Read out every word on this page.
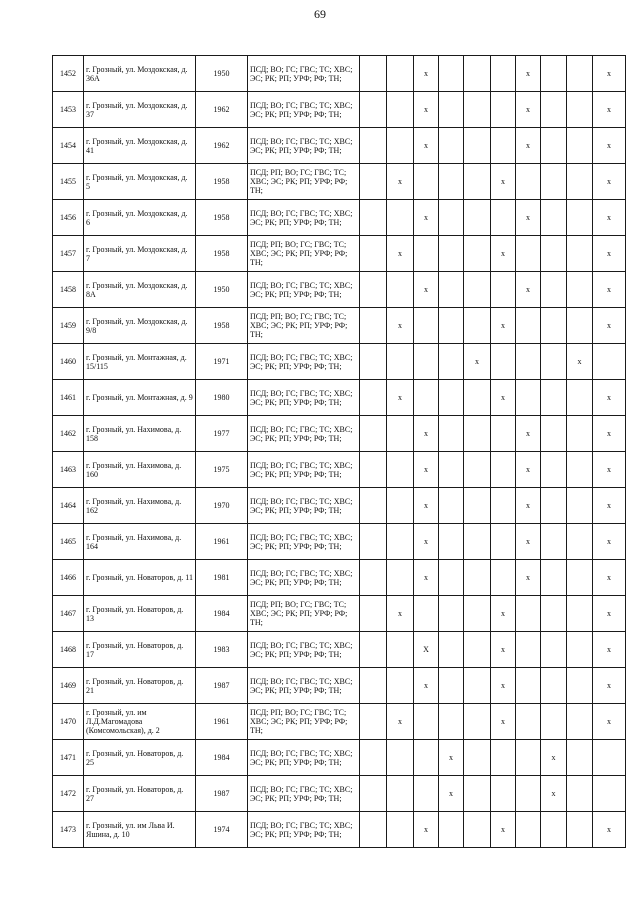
69
1452	г. Грозный, ул. Моздокская, д. 36А	1950	ПСД; ВО; ГС; ГВС; ТС; ХВС; ЭС; РК; РП; УРФ; РФ; ТН;			x				x			x
1453	г. Грозный, ул. Моздокская, д. 37	1962	ПСД; ВО; ГС; ГВС; ТС; ХВС; ЭС; РК; РП; УРФ; РФ; ТН;			x				x			x
1454	г. Грозный, ул. Моздокская, д. 41	1962	ПСД; ВО; ГС; ГВС; ТС; ХВС; ЭС; РК; РП; УРФ; РФ; ТН;			x				x			x
1455	г. Грозный, ул. Моздокская, д. 5	1958	ПСД; РП; ВО; ГС; ГВС; ТС; ХВС; ЭС; РК; РП; УРФ; РФ; ТН;		x				x				x
1456	г. Грозный, ул. Моздокская, д. 6	1958	ПСД; ВО; ГС; ГВС; ТС; ХВС; ЭС; РК; РП; УРФ; РФ; ТН;			x				x			x
1457	г. Грозный, ул. Моздокская, д. 7	1958	ПСД; РП; ВО; ГС; ГВС; ТС; ХВС; ЭС; РК; РП; УРФ; РФ; ТН;		x				x				x
1458	г. Грозный, ул. Моздокская, д. 8А	1950	ПСД; ВО; ГС; ГВС; ТС; ХВС; ЭС; РК; РП; УРФ; РФ; ТН;			x				x			x
1459	г. Грозный, ул. Моздокская, д. 9/8	1958	ПСД; РП; ВО; ГС; ГВС; ТС; ХВС; ЭС; РК; РП; УРФ; РФ; ТН;		x				x				x
1460	г. Грозный, ул. Монтажная, д. 15/115	1971	ПСД; ВО; ГС; ГВС; ТС; ХВС; ЭС; РК; РП; УРФ; РФ; ТН;					x				x	
1461	г. Грозный, ул. Монтажная, д. 9	1980	ПСД; ВО; ГС; ГВС; ТС; ХВС; ЭС; РК; РП; УРФ; РФ; ТН;		x				x				x
1462	г. Грозный, ул. Нахимова, д. 158	1977	ПСД; ВО; ГС; ГВС; ТС; ХВС; ЭС; РК; РП; УРФ; РФ; ТН;			x				x			x
1463	г. Грозный, ул. Нахимова, д. 160	1975	ПСД; ВО; ГС; ГВС; ТС; ХВС; ЭС; РК; РП; УРФ; РФ; ТН;			x				x			x
1464	г. Грозный, ул. Нахимова, д. 162	1970	ПСД; ВО; ГС; ГВС; ТС; ХВС; ЭС; РК; РП; УРФ; РФ; ТН;			x				x			x
1465	г. Грозный, ул. Нахимова, д. 164	1961	ПСД; ВО; ГС; ГВС; ТС; ХВС; ЭС; РК; РП; УРФ; РФ; ТН;			x				x			x
1466	г. Грозный, ул. Новаторов, д. 11	1981	ПСД; ВО; ГС; ГВС; ТС; ХВС; ЭС; РК; РП; УРФ; РФ; ТН;			x				x			x
1467	г. Грозный, ул. Новаторов, д. 13	1984	ПСД; РП; ВО; ГС; ГВС; ТС; ХВС; ЭС; РК; РП; УРФ; РФ; ТН;		x				x				x
1468	г. Грозный, ул. Новаторов, д. 17	1983	ПСД; ВО; ГС; ГВС; ТС; ХВС; ЭС; РК; РП; УРФ; РФ; ТН;			X			x				x
1469	г. Грозный, ул. Новаторов, д. 21	1987	ПСД; ВО; ГС; ГВС; ТС; ХВС; ЭС; РК; РП; УРФ; РФ; ТН;			x			x				x
1470	г. Грозный, ул. им Л.Д.Магомадова (Комсомольская), д. 2	1961	ПСД; РП; ВО; ГС; ГВС; ТС; ХВС; ЭС; РК; РП; УРФ; РФ; ТН;		x				x				x
1471	г. Грозный, ул. Новаторов, д. 25	1984	ПСД; ВО; ГС; ГВС; ТС; ХВС; ЭС; РК; РП; УРФ; РФ; ТН;				x				x		
1472	г. Грозный, ул. Новаторов, д. 27	1987	ПСД; ВО; ГС; ГВС; ТС; ХВС; ЭС; РК; РП; УРФ; РФ; ТН;				x				x		
1473	г. Грозный, ул. им Льва И. Яшина, д. 10	1974	ПСД; ВО; ГС; ГВС; ТС; ХВС; ЭС; РК; РП; УРФ; РФ; ТН;			x			x				x
